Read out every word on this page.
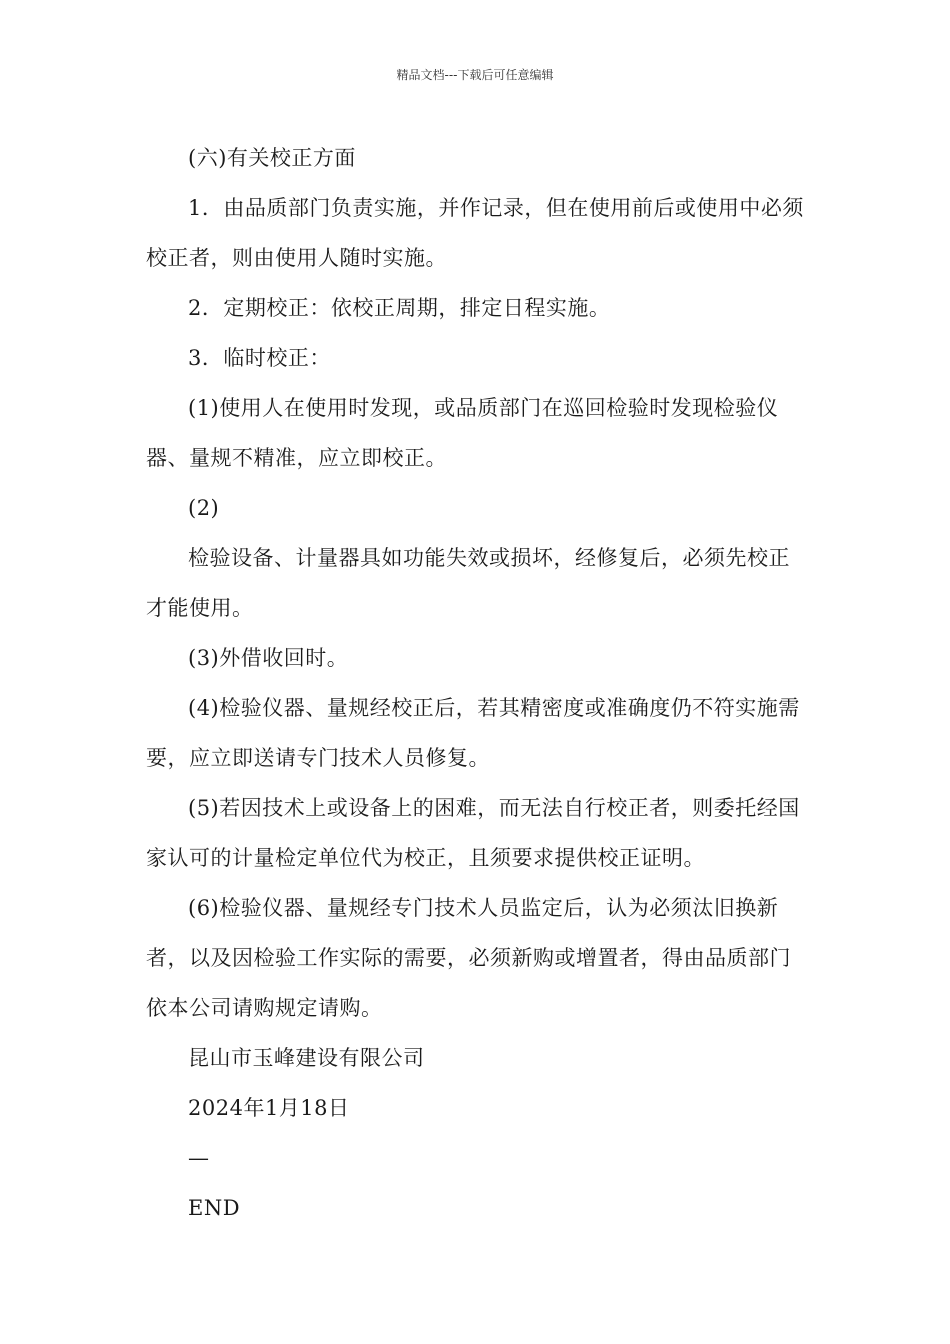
精品文档---下载后可任意编辑

(六)有关校正方面

1．由品质部门负责实施，并作记录，但在使用前后或使用中必须校正者，则由使用人随时实施。

2．定期校正：依校正周期，排定日程实施。

3．临时校正：

(1)使用人在使用时发现，或品质部门在巡回检验时发现检验仪器、量规不精准，应立即校正。

(2)

检验设备、计量器具如功能失效或损坏，经修复后，必须先校正才能使用。

(3)外借收回时。

(4)检验仪器、量规经校正后，若其精密度或准确度仍不符实施需要，应立即送请专门技术人员修复。

(5)若因技术上或设备上的困难，而无法自行校正者，则委托经国家认可的计量检定单位代为校正，且须要求提供校正证明。

(6)检验仪器、量规经专门技术人员监定后，认为必须汰旧换新者，以及因检验工作实际的需要，必须新购或增置者，得由品质部门依本公司请购规定请购。

昆山市玉峰建设有限公司

2024年1月18日

—

END
